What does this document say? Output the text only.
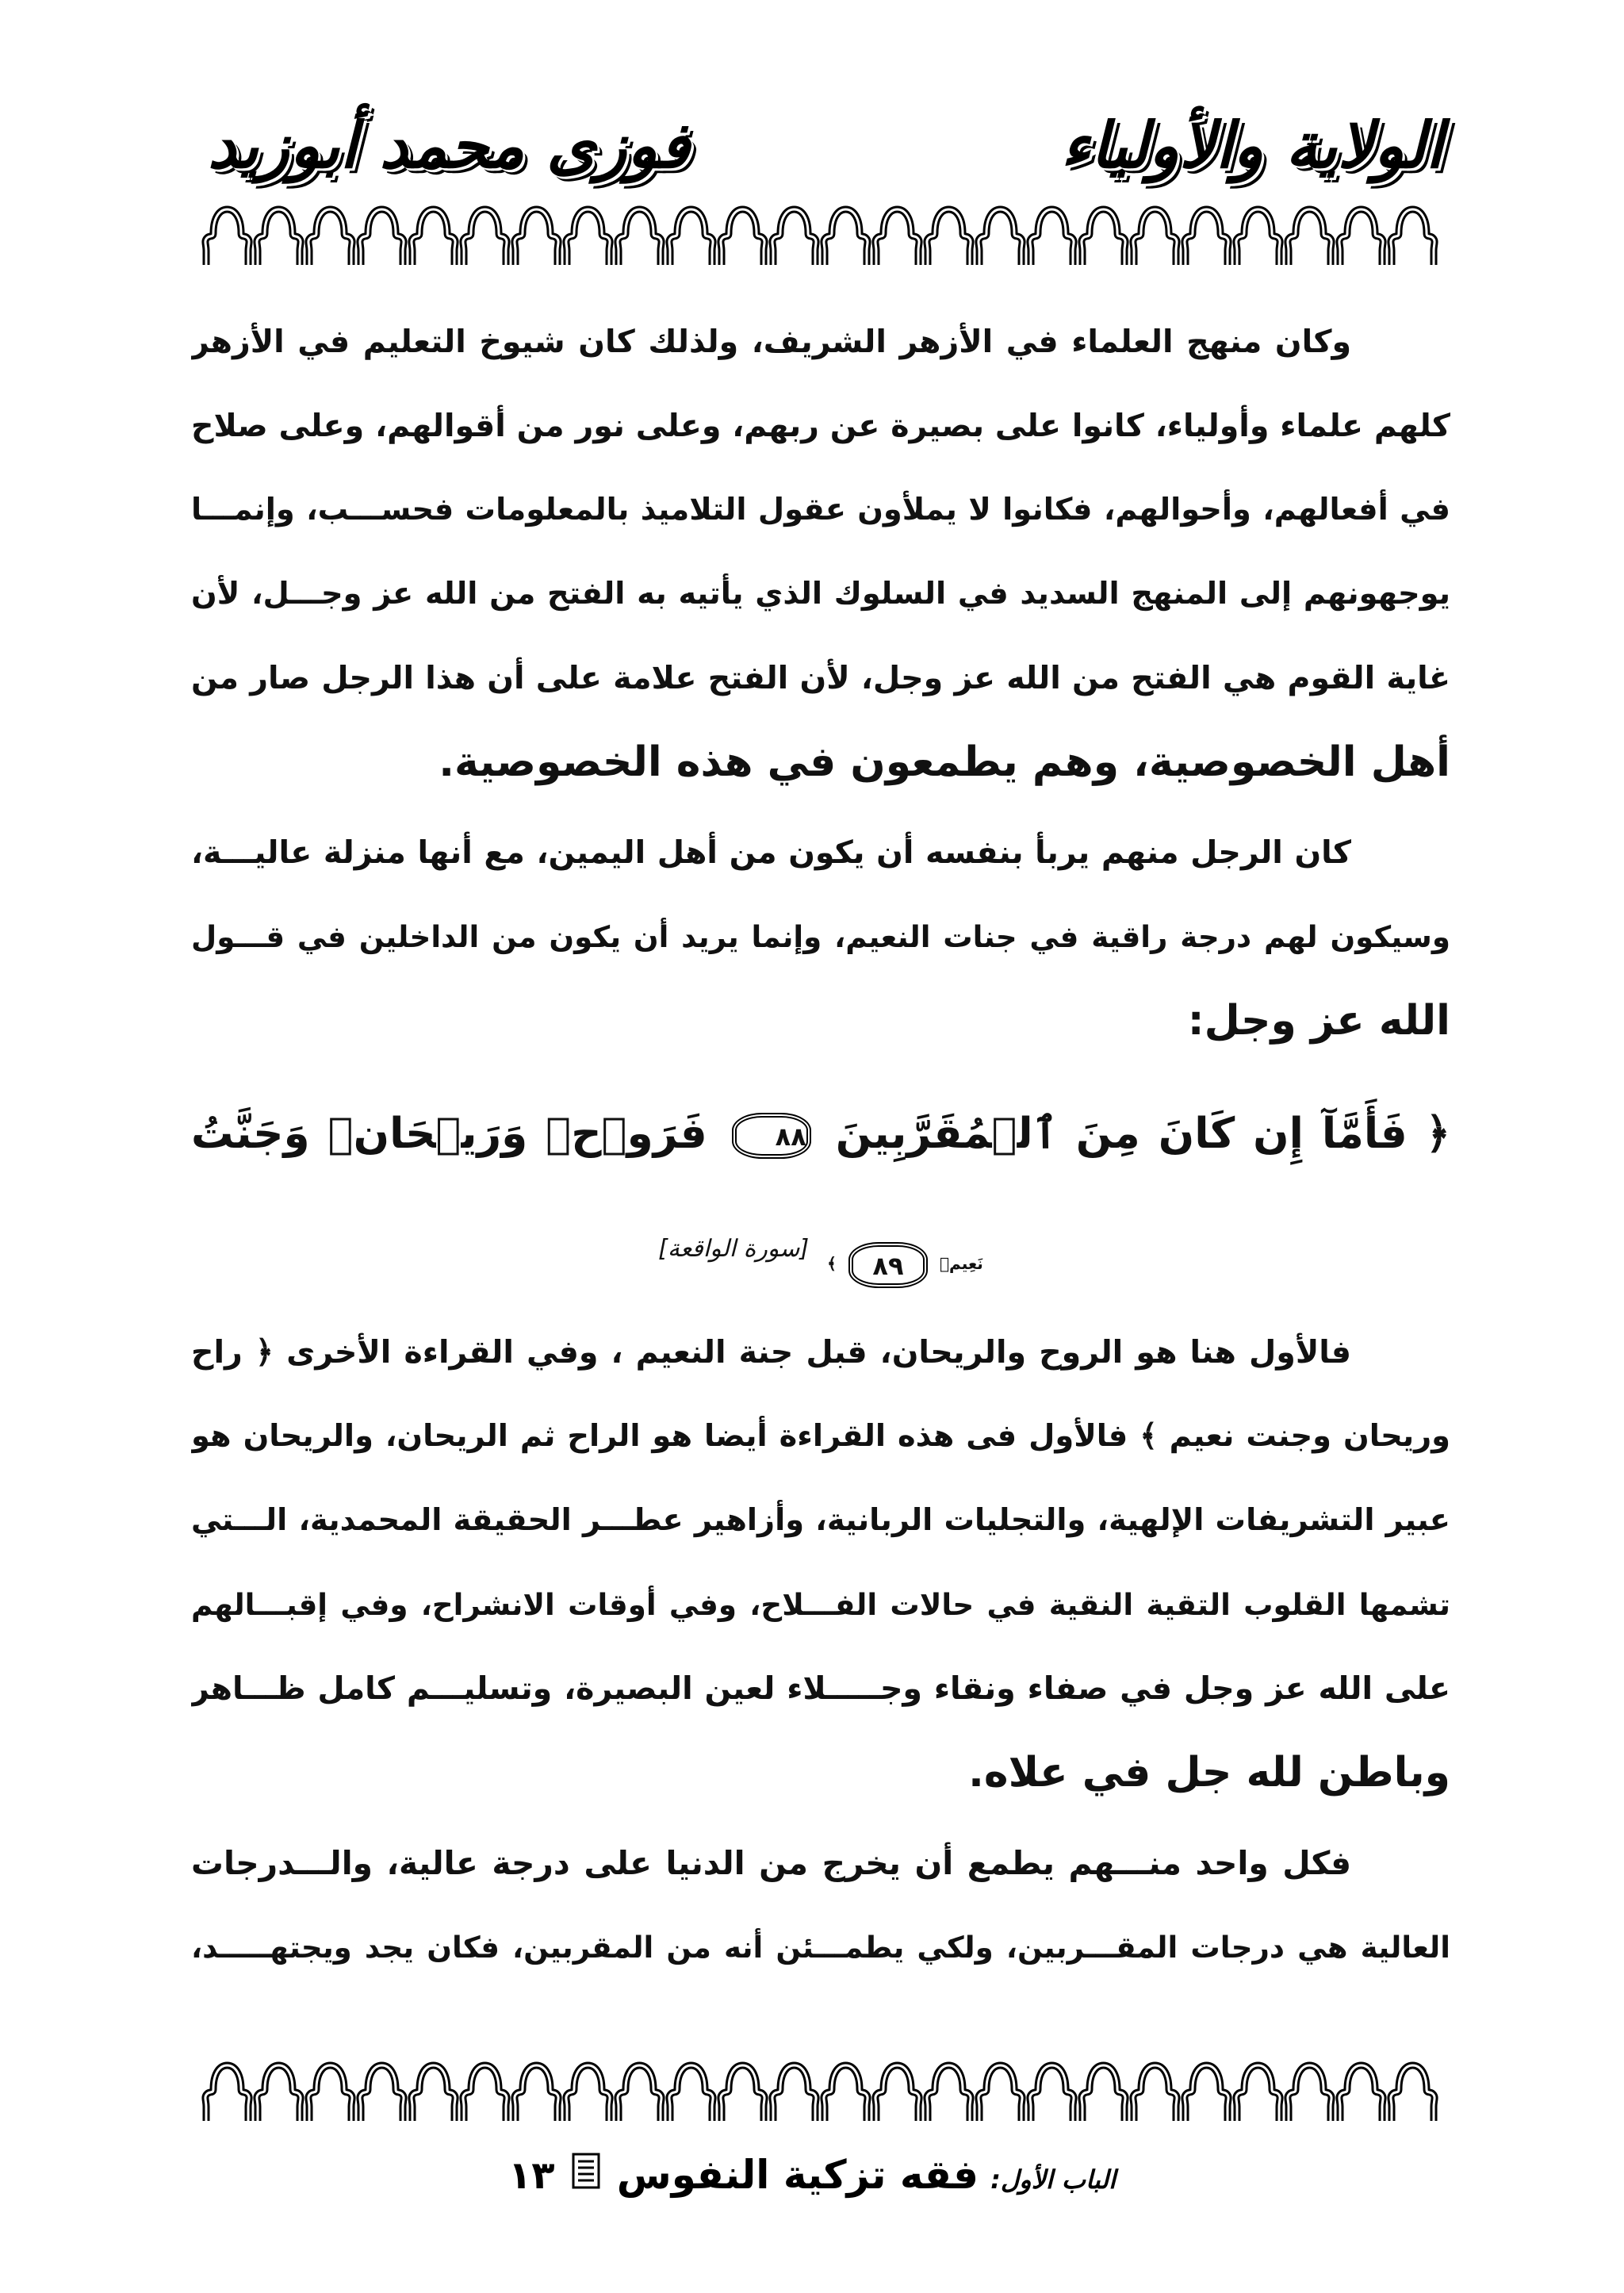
الولاية والأولياء
فوزى محمد أبوزيد
وكان منهج العلماء في الأزهر الشريف، ولذلك كان شيوخ التعليم في الأزهر
كلهم علماء وأولياء، كانوا على بصيرة عن ربهم، وعلى نور من أقوالهم، وعلى صلاح
في أفعالهم، وأحوالهم، فكانوا لا يملأون عقول التلاميذ بالمعلومات فحســـب، وإنمـــا
يوجهونهم إلى المنهج السديد في السلوك الذي يأتيه به الفتح من الله عز وجـــل، لأن
غاية القوم هي الفتح من الله عز وجل، لأن الفتح علامة على أن هذا الرجل صار من
أهل الخصوصية، وهم يطمعون في هذه الخصوصية.
كان الرجل منهم يربأ بنفسه أن يكون من أهل اليمين، مع أنها منزلة عاليـــة،
وسيكون لهم درجة راقية في جنات النعيم، وإنما يريد أن يكون من الداخلين في قـــول
الله عز وجل:
﴿ فَأَمَّآ إِن كَانَ مِنَ ٱلۡمُقَرَّبِينَ ٨٨ فَرَوۡحٞ وَرَيۡحَانٞ وَجَنَّتُ
نَعِيمٖ ٨٩ ﴾ [سورة الواقعة]
فالأول هنا هو الروح والريحان، قبل جنة النعيم ، وفي القراءة الأخرى ﴿ راح
وريحان وجنت نعيم ﴾ فالأول فى هذه القراءة أيضا هو الراح ثم الريحان، والريحان هو
عبير التشريفات الإلهية، والتجليات الربانية، وأزاهير عطـــر الحقيقة المحمدية، الـــتي
تشمها القلوب التقية النقية في حالات الفـــلاح، وفي أوقات الانشراح، وفي إقبـــالهم
على الله عز وجل في صفاء ونقاء وجـــــلاء لعين البصيرة، وتسليـــم كامل ظـــاهر
وباطن لله جل في علاه.
فكل واحد منـــهم يطمع أن يخرج من الدنيا على درجة عالية، والـــدرجات
العالية هي درجات المقـــربين، ولكي يطمـــئن أنه من المقربين، فكان يجد ويجتهـــــد،
الباب الأول: فقه تزكية النفوس  ١٣
